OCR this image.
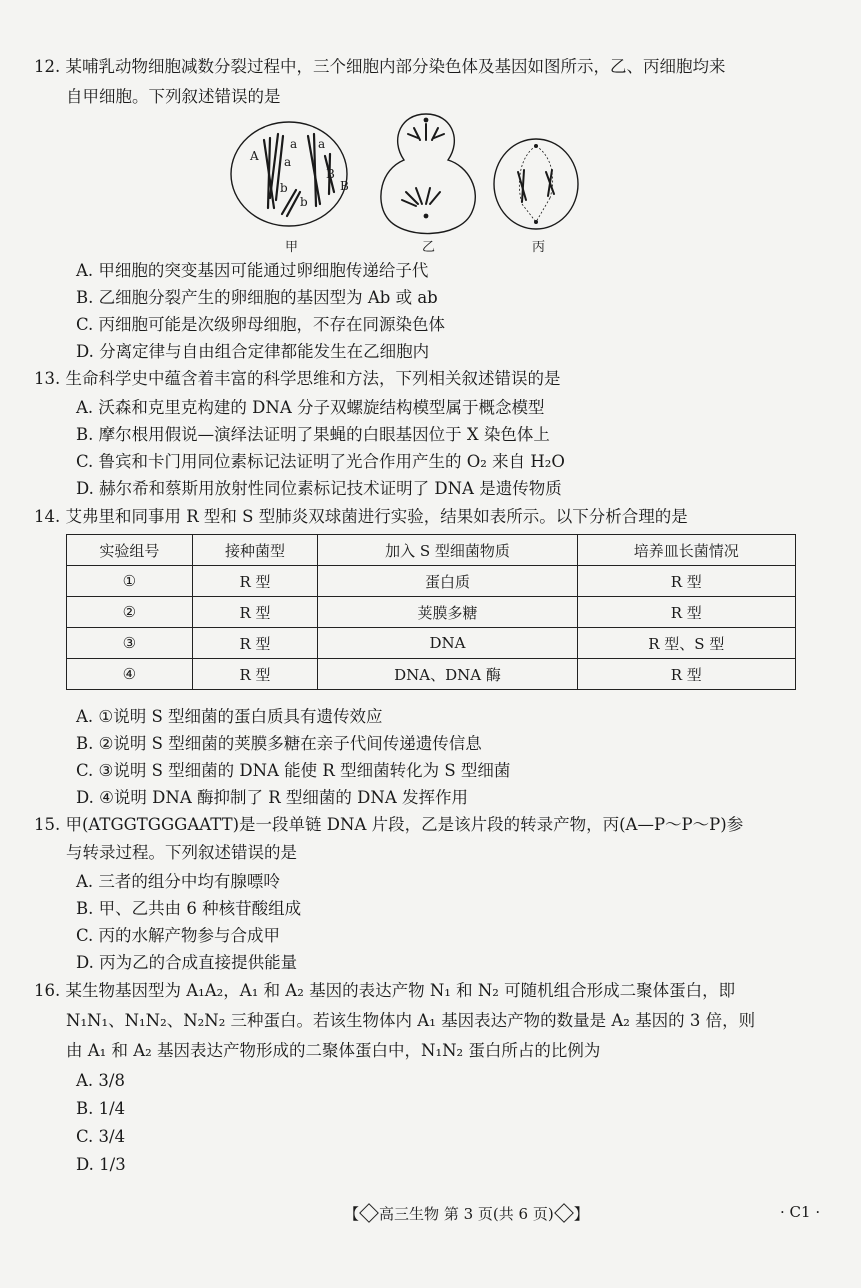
12. 某哺乳动物细胞减数分裂过程中，三个细胞内部分染色体及基因如图所示，乙、丙细胞均来
自甲细胞。下列叙述错误的是
A a
a a
B
B
b
b
甲	乙	丙
A. 甲细胞的突变基因可能通过卵细胞传递给子代
B. 乙细胞分裂产生的卵细胞的基因型为 Ab 或 ab
C. 丙细胞可能是次级卵母细胞，不存在同源染色体
D. 分离定律与自由组合定律都能发生在乙细胞内
13. 生命科学史中蕴含着丰富的科学思维和方法，下列相关叙述错误的是
A. 沃森和克里克构建的 DNA 分子双螺旋结构模型属于概念模型
B. 摩尔根用假说—演绎法证明了果蝇的白眼基因位于 X 染色体上
C. 鲁宾和卡门用同位素标记法证明了光合作用产生的 O₂ 来自 H₂O
D. 赫尔希和蔡斯用放射性同位素标记技术证明了 DNA 是遗传物质
14. 艾弗里和同事用 R 型和 S 型肺炎双球菌进行实验，结果如表所示。以下分析合理的是
实验组号	接种菌型	加入 S 型细菌物质	培养皿长菌情况
①	R 型	蛋白质	R 型
②	R 型	荚膜多糖	R 型
③	R 型	DNA	R 型、S 型
④	R 型	DNA、DNA 酶	R 型
A. ①说明 S 型细菌的蛋白质具有遗传效应
B. ②说明 S 型细菌的荚膜多糖在亲子代间传递遗传信息
C. ③说明 S 型细菌的 DNA 能使 R 型细菌转化为 S 型细菌
D. ④说明 DNA 酶抑制了 R 型细菌的 DNA 发挥作用
15. 甲(ATGGTGGGAATT)是一段单链 DNA 片段，乙是该片段的转录产物，丙(A—P～P～P)参
与转录过程。下列叙述错误的是
A. 三者的组分中均有腺嘌呤
B. 甲、乙共由 6 种核苷酸组成
C. 丙的水解产物参与合成甲
D. 丙为乙的合成直接提供能量
16. 某生物基因型为 A₁A₂，A₁ 和 A₂ 基因的表达产物 N₁ 和 N₂ 可随机组合形成二聚体蛋白，即
N₁N₁、N₁N₂、N₂N₂ 三种蛋白。若该生物体内 A₁ 基因表达产物的数量是 A₂ 基因的 3 倍，则
由 A₁ 和 A₂ 基因表达产物形成的二聚体蛋白中，N₁N₂ 蛋白所占的比例为
A. 3/8
B. 1/4
C. 3/4
D. 1/3
【 高三生物 第 3 页(共 6 页) 】	· C1 ·
